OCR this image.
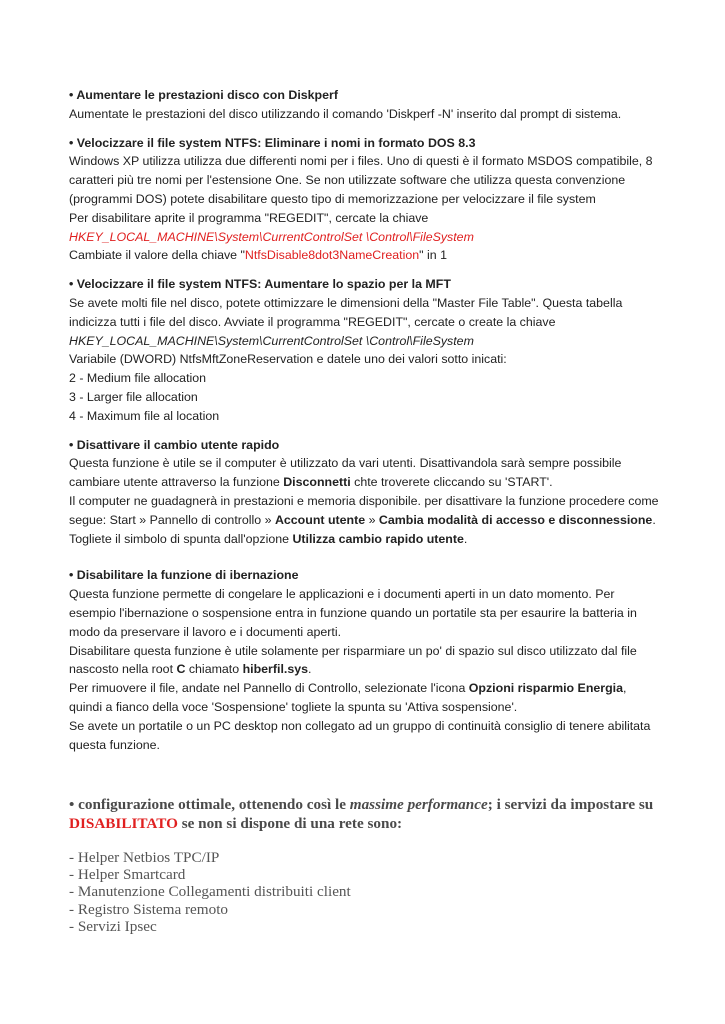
• Aumentare le prestazioni disco con Diskperf

Aumentate le prestazioni del disco utilizzando il comando 'Diskperf -N' inserito dal prompt di sistema.

• Velocizzare il file system NTFS: Eliminare i nomi in formato DOS 8.3

Windows XP utilizza utilizza due differenti nomi per i files. Uno di questi è il formato MSDOS compatibile, 8 caratteri più tre nomi per l'estensione One. Se non utilizzate software che utilizza questa convenzione (programmi DOS) potete disabilitare questo tipo di memorizzazione per velocizzare il file system

Per disabilitare aprite il programma "REGEDIT", cercate la chiave

HKEY_LOCAL_MACHINE\System\CurrentControlSet \Control\FileSystem

Cambiate il valore della chiave "NtfsDisable8dot3NameCreation" in 1

• Velocizzare il file system NTFS: Aumentare lo spazio per la MFT

Se avete molti file nel disco, potete ottimizzare le dimensioni della "Master File Table". Questa tabella indicizza tutti i file del disco. Avviate il programma "REGEDIT", cercate o create la chiave

HKEY_LOCAL_MACHINE\System\CurrentControlSet \Control\FileSystem

Variabile (DWORD) NtfsMftZoneReservation e datele uno dei valori sotto inicati:

2 - Medium file allocation

3 - Larger file allocation

4 - Maximum file al location

• Disattivare il cambio utente rapido

Questa funzione è utile se il computer è utilizzato da vari utenti. Disattivandola sarà sempre possibile cambiare utente attraverso la funzione Disconnetti chte troverete cliccando su 'START'.

Il computer ne guadagnerà in prestazioni e memoria disponibile. per disattivare la funzione procedere come segue: Start » Pannello di controllo » Account utente » Cambia modalità di accesso e disconnessione.

Togliete il simbolo di spunta dall'opzione Utilizza cambio rapido utente.

• Disabilitare la funzione di ibernazione

Questa funzione permette di congelare le applicazioni e i documenti aperti in un dato momento. Per esempio l'ibernazione o sospensione entra in funzione quando un portatile sta per esaurire la batteria in modo da preservare il lavoro e i documenti aperti.

Disabilitare questa funzione è utile solamente per risparmiare un po' di spazio sul disco utilizzato dal file nascosto nella root C chiamato hiberfil.sys.

Per rimuovere il file, andate nel Pannello di Controllo, selezionate l'icona Opzioni risparmio Energia, quindi a fianco della voce 'Sospensione' togliete la spunta su 'Attiva sospensione'.

Se avete un portatile o un PC desktop non collegato ad un gruppo di continuità consiglio di tenere abilitata questa funzione.

• configurazione ottimale, ottenendo così le massime performance; i servizi da impostare su DISABILITATO se non si dispone di una rete sono:
- Helper Netbios TPC/IP
- Helper Smartcard
- Manutenzione Collegamenti distribuiti client
- Registro Sistema remoto
- Servizi Ipsec
